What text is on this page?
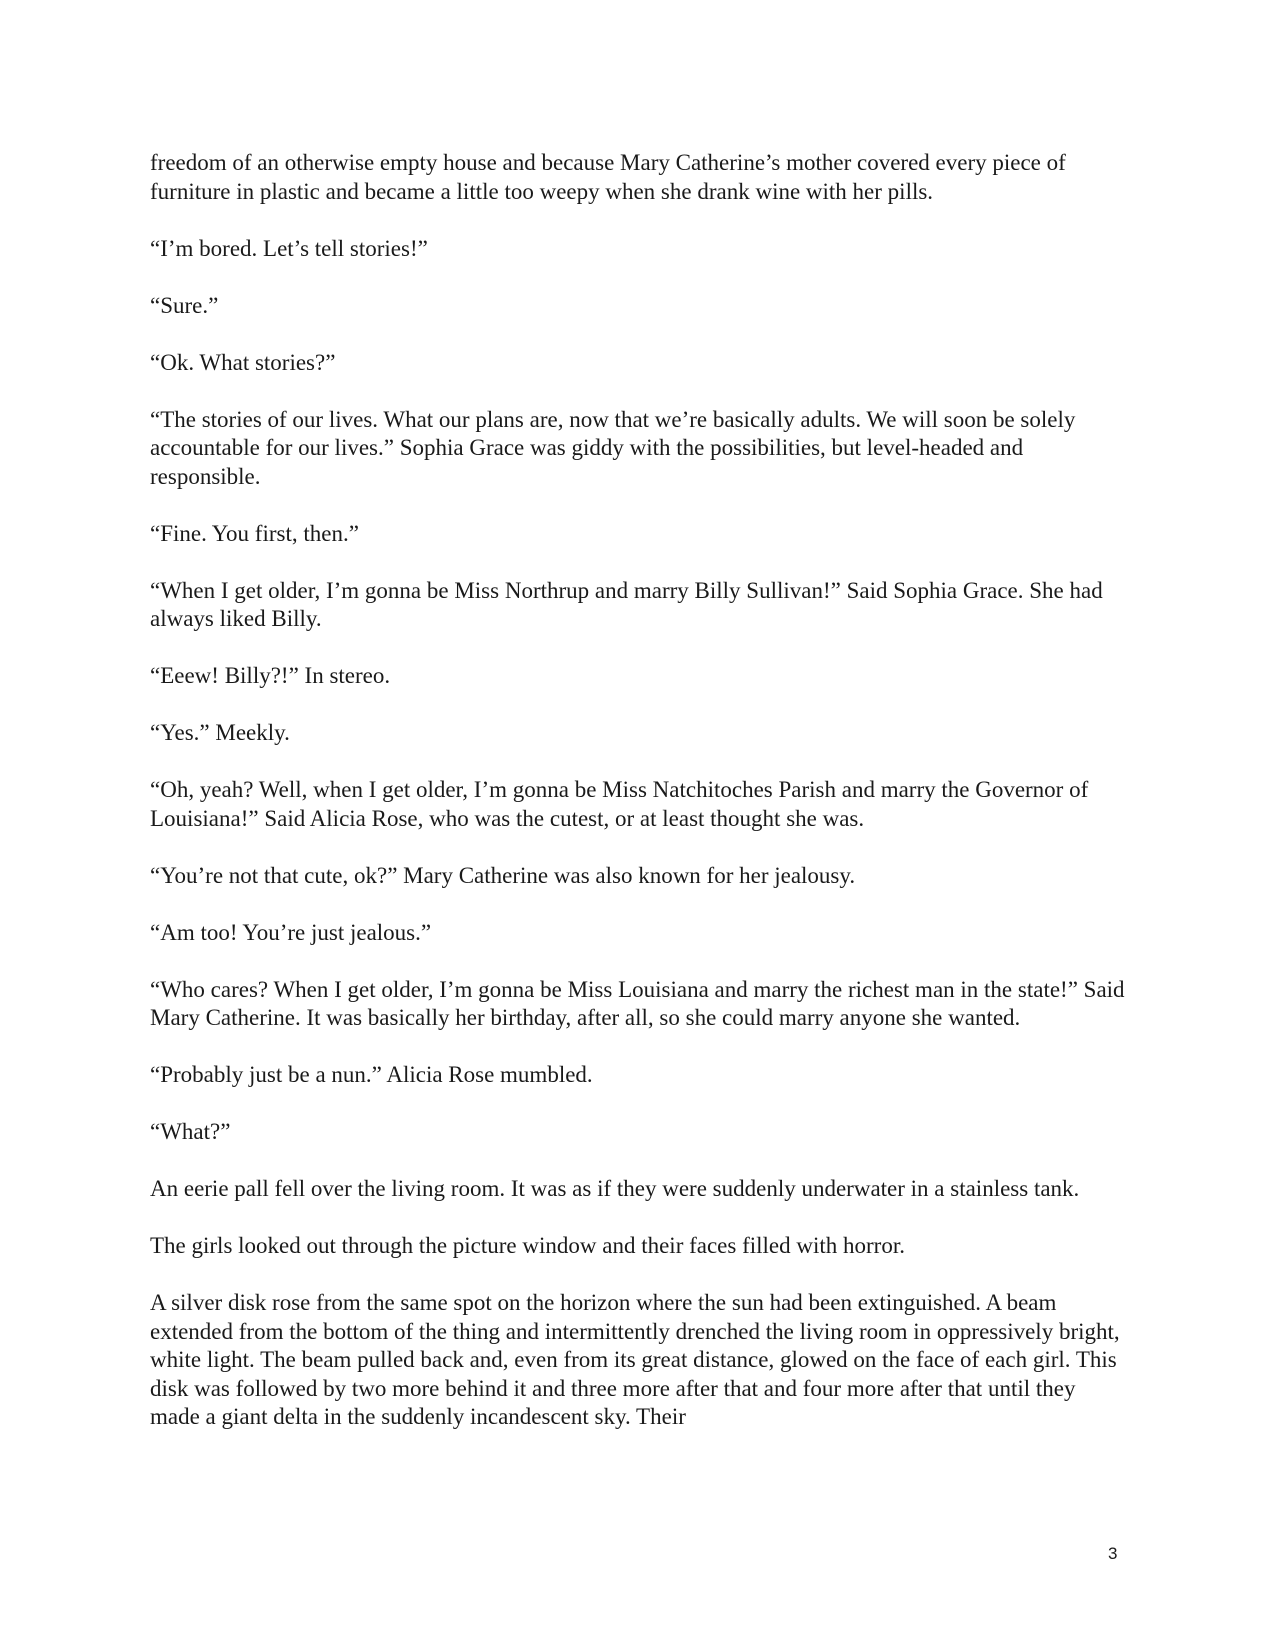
freedom of an otherwise empty house and because Mary Catherine’s mother covered every piece of furniture in plastic and became a little too weepy when she drank wine with her pills.

“I’m bored. Let’s tell stories!”

“Sure.”

“Ok. What stories?”

“The stories of our lives. What our plans are, now that we’re basically adults. We will soon be solely accountable for our lives.” Sophia Grace was giddy with the possibilities, but level-headed and responsible.

“Fine. You first, then.”

“When I get older, I’m gonna be Miss Northrup and marry Billy Sullivan!” Said Sophia Grace. She had always liked Billy.

“Eeew! Billy?!” In stereo.

“Yes.” Meekly.

“Oh, yeah? Well, when I get older, I’m gonna be Miss Natchitoches Parish and marry the Governor of Louisiana!” Said Alicia Rose, who was the cutest, or at least thought she was.

“You’re not that cute, ok?” Mary Catherine was also known for her jealousy.

“Am too! You’re just jealous.”

“Who cares? When I get older, I’m gonna be Miss Louisiana and marry the richest man in the state!” Said Mary Catherine. It was basically her birthday, after all, so she could marry anyone she wanted.

“Probably just be a nun.” Alicia Rose mumbled.

“What?”

An eerie pall fell over the living room. It was as if they were suddenly underwater in a stainless tank.

The girls looked out through the picture window and their faces filled with horror.

A silver disk rose from the same spot on the horizon where the sun had been extinguished. A beam extended from the bottom of the thing and intermittently drenched the living room in oppressively bright, white light. The beam pulled back and, even from its great distance, glowed on the face of each girl. This disk was followed by two more behind it and three more after that and four more after that until they made a giant delta in the suddenly incandescent sky. Their

3
